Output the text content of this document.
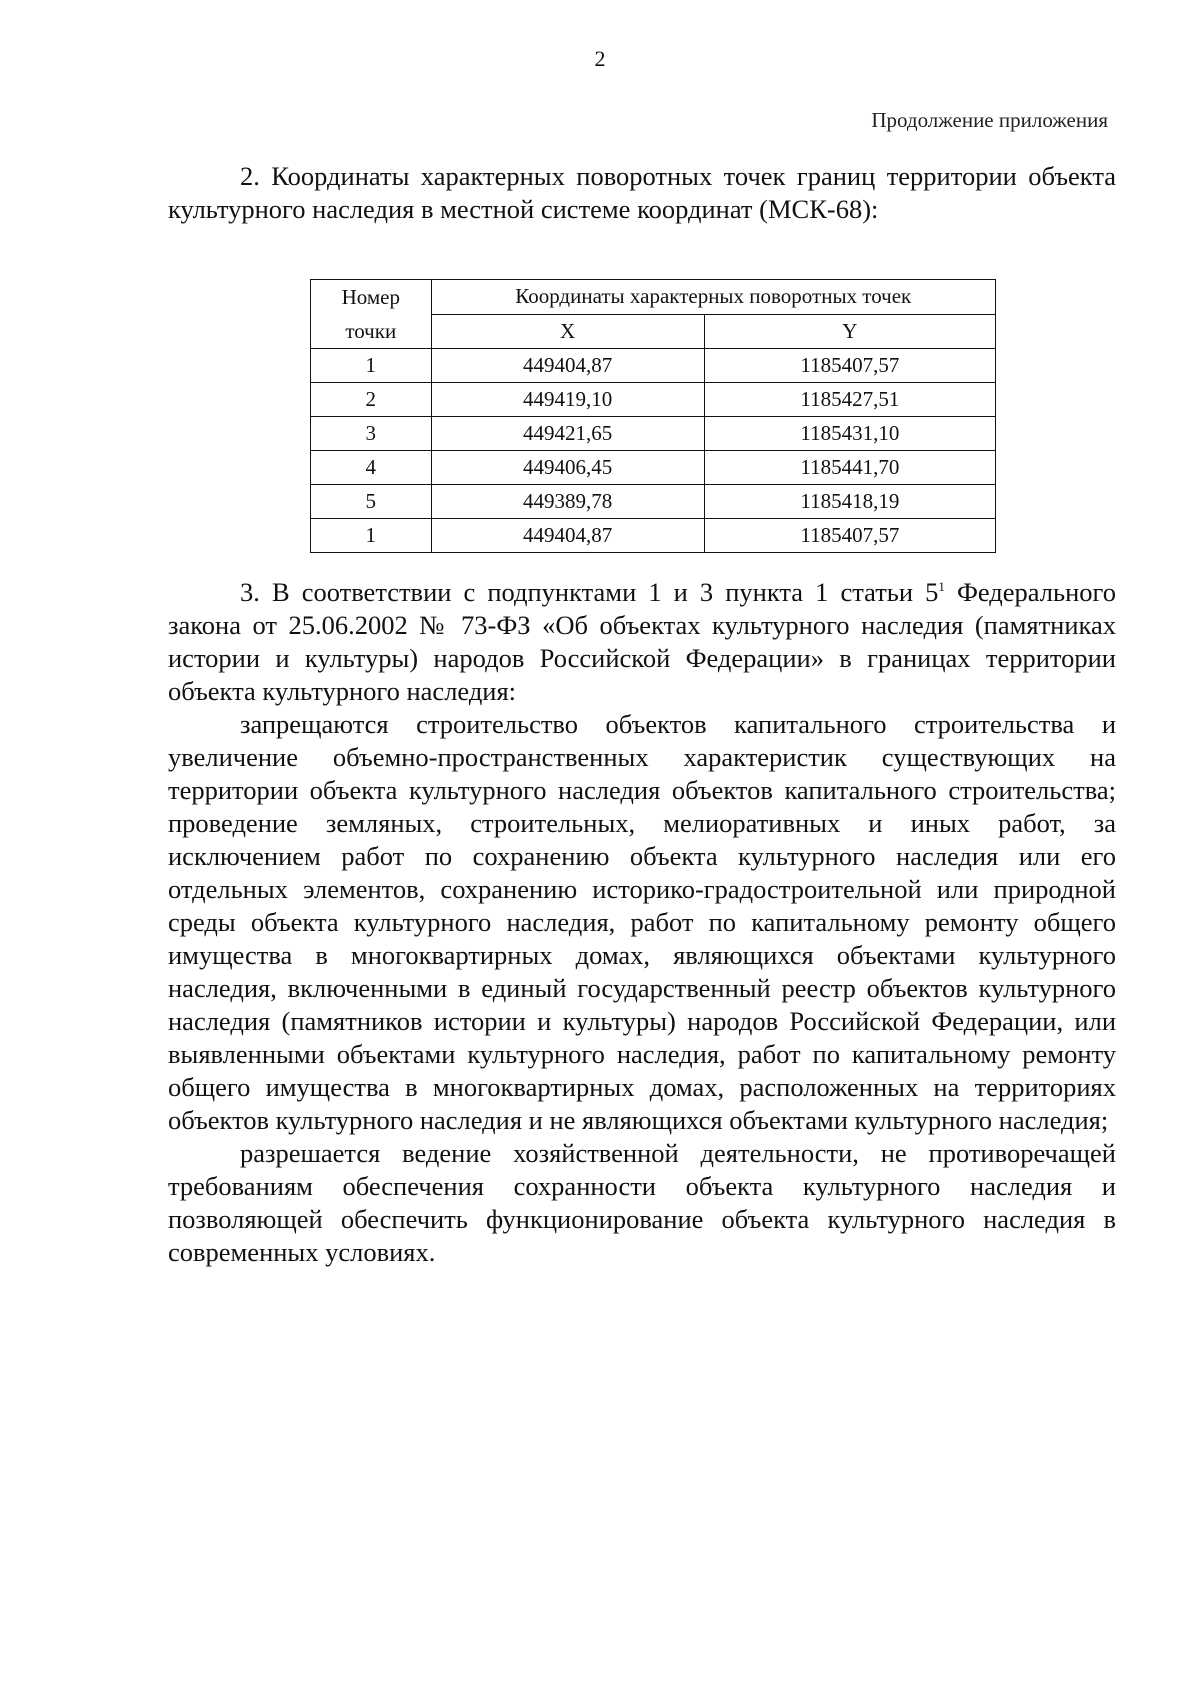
2
Продолжение приложения

2. Координаты характерных поворотных точек границ территории объекта культурного наследия в местной системе координат (МСК-68):

Номер
точки	Координаты характерных поворотных точек	
	X	Y
1	449404,87	1185407,57
2	449419,10	1185427,51
3	449421,65	1185431,10
4	449406,45	1185441,70
5	449389,78	1185418,19
1	449404,87	1185407,57

3. В соответствии с подпунктами 1 и 3 пункта 1 статьи $5^1$ Федерального закона от 25.06.2002 № 73-ФЗ «Об объектах культурного наследия (памятниках истории и культуры) народов Российской Федерации» в границах территории объекта культурного наследия:

запрещаются строительство объектов капитального строительства и увеличение объемно-пространственных характеристик существующих на территории объекта культурного наследия объектов капитального строительства; проведение земляных, строительных, мелиоративных и иных работ, за исключением работ по сохранению объекта культурного наследия или его отдельных элементов, сохранению историко-градостроительной или природной среды объекта культурного наследия, работ по капитальному ремонту общего имущества в многоквартирных домах, являющихся объектами культурного наследия, включенными в единый государственный реестр объектов культурного наследия (памятников истории и культуры) народов Российской Федерации, или выявленными объектами культурного наследия, работ по капитальному ремонту общего имущества в многоквартирных домах, расположенных на территориях объектов культурного наследия и не являющихся объектами культурного наследия;

разрешается ведение хозяйственной деятельности, не противоречащей требованиям обеспечения сохранности объекта культурного наследия и позволяющей обеспечить функционирование объекта культурного наследия в современных условиях.
